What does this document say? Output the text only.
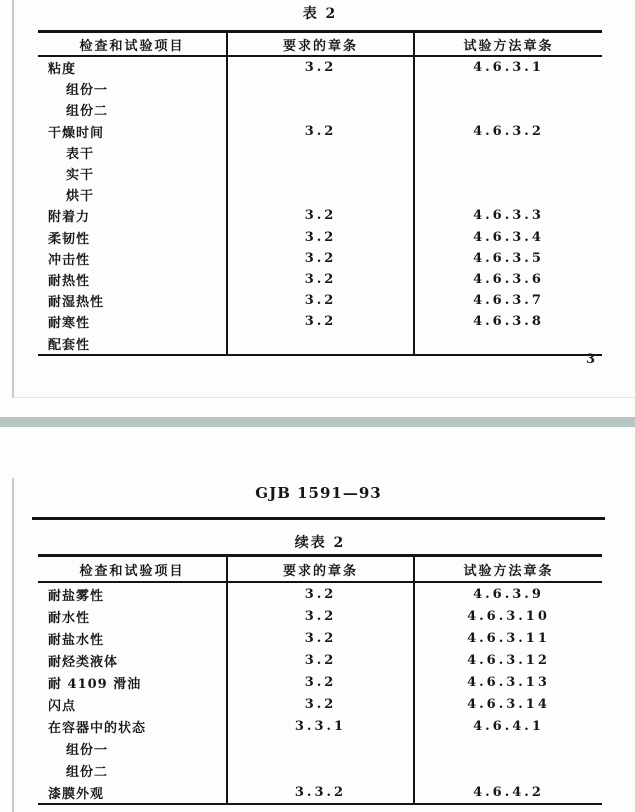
表 2
检查和试验项目	要求的章条	试验方法章条
粘度	3.2	4.6.3.1
组份一		
组份二		
干燥时间	3.2	4.6.3.2
表干		
实干		
烘干		
附着力	3.2	4.6.3.3
柔韧性	3.2	4.6.3.4
冲击性	3.2	4.6.3.5
耐热性	3.2	4.6.3.6
耐湿热性	3.2	4.6.3.7
耐寒性	3.2	4.6.3.8
配套性		
3
GJB 1591—93
续表 2
检查和试验项目	要求的章条	试验方法章条
耐盐雾性	3.2	4.6.3.9
耐水性	3.2	4.6.3.10
耐盐水性	3.2	4.6.3.11
耐烃类液体	3.2	4.6.3.12
耐 4109 滑油	3.2	4.6.3.13
闪点	3.2	4.6.3.14
在容器中的状态	3.3.1	4.6.4.1
组份一		
组份二		
漆膜外观	3.3.2	4.6.4.2
